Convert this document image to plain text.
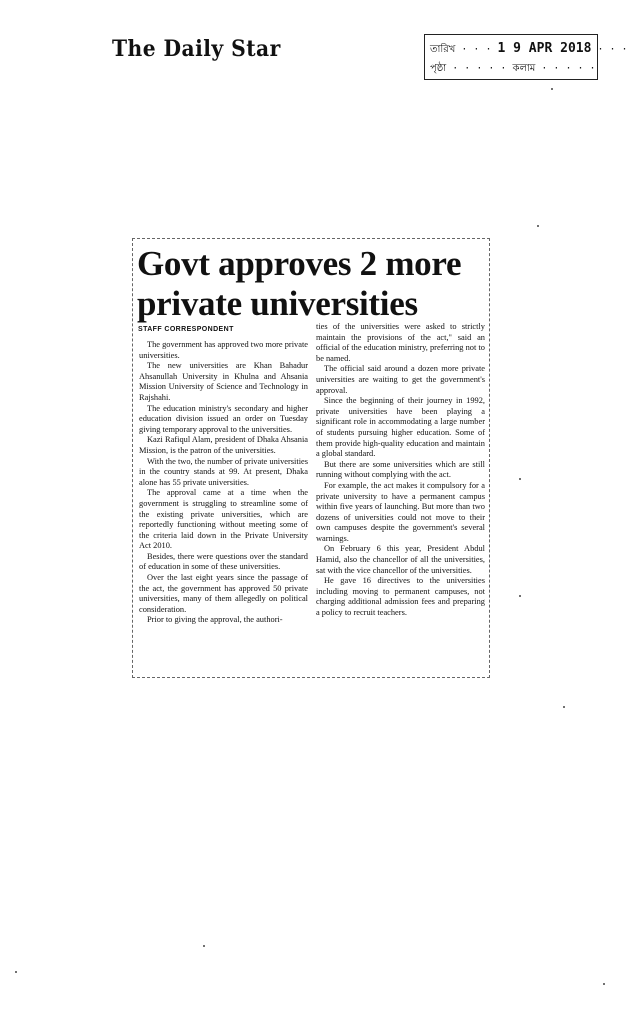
The Daily Star	তারিখ · · · 1 9 APR 2018 · · ·
পৃষ্ঠা · · · · · কলাম · · · · ·
Govt approves 2 more
private universities
STAFF CORRESPONDENT

The government has approved two more private universities.

The new universities are Khan Bahadur Ahsanullah University in Khulna and Ahsania Mission University of Science and Technology in Rajshahi.

The education ministry's secondary and higher education division issued an order on Tuesday giving temporary approval to the universities.

Kazi Rafiqul Alam, president of Dhaka Ahsania Mission, is the patron of the universities.

With the two, the number of private universities in the country stands at 99. At present, Dhaka alone has 55 private universities.

The approval came at a time when the government is struggling to streamline some of the existing private universities, which are reportedly functioning without meeting some of the criteria laid down in the Private University Act 2010.

Besides, there were questions over the standard of education in some of these universities.

Over the last eight years since the passage of the act, the government has approved 50 private universities, many of them allegedly on political consideration.

Prior to giving the approval, the authori-

ties of the universities were asked to strictly maintain the provisions of the act," said an official of the education ministry, preferring not to be named.

The official said around a dozen more private universities are waiting to get the government's approval.

Since the beginning of their journey in 1992, private universities have been playing a significant role in accommodating a large number of students pursuing higher education. Some of them provide high-quality education and maintain a global standard.

But there are some universities which are still running without complying with the act.

For example, the act makes it compulsory for a private university to have a permanent campus within five years of launching. But more than two dozens of universities could not move to their own campuses despite the government's several warnings.

On February 6 this year, President Abdul Hamid, also the chancellor of all the universities, sat with the vice chancellor of the universities.

He gave 16 directives to the universities including moving to permanent campuses, not charging additional admission fees and preparing a policy to recruit teachers.
